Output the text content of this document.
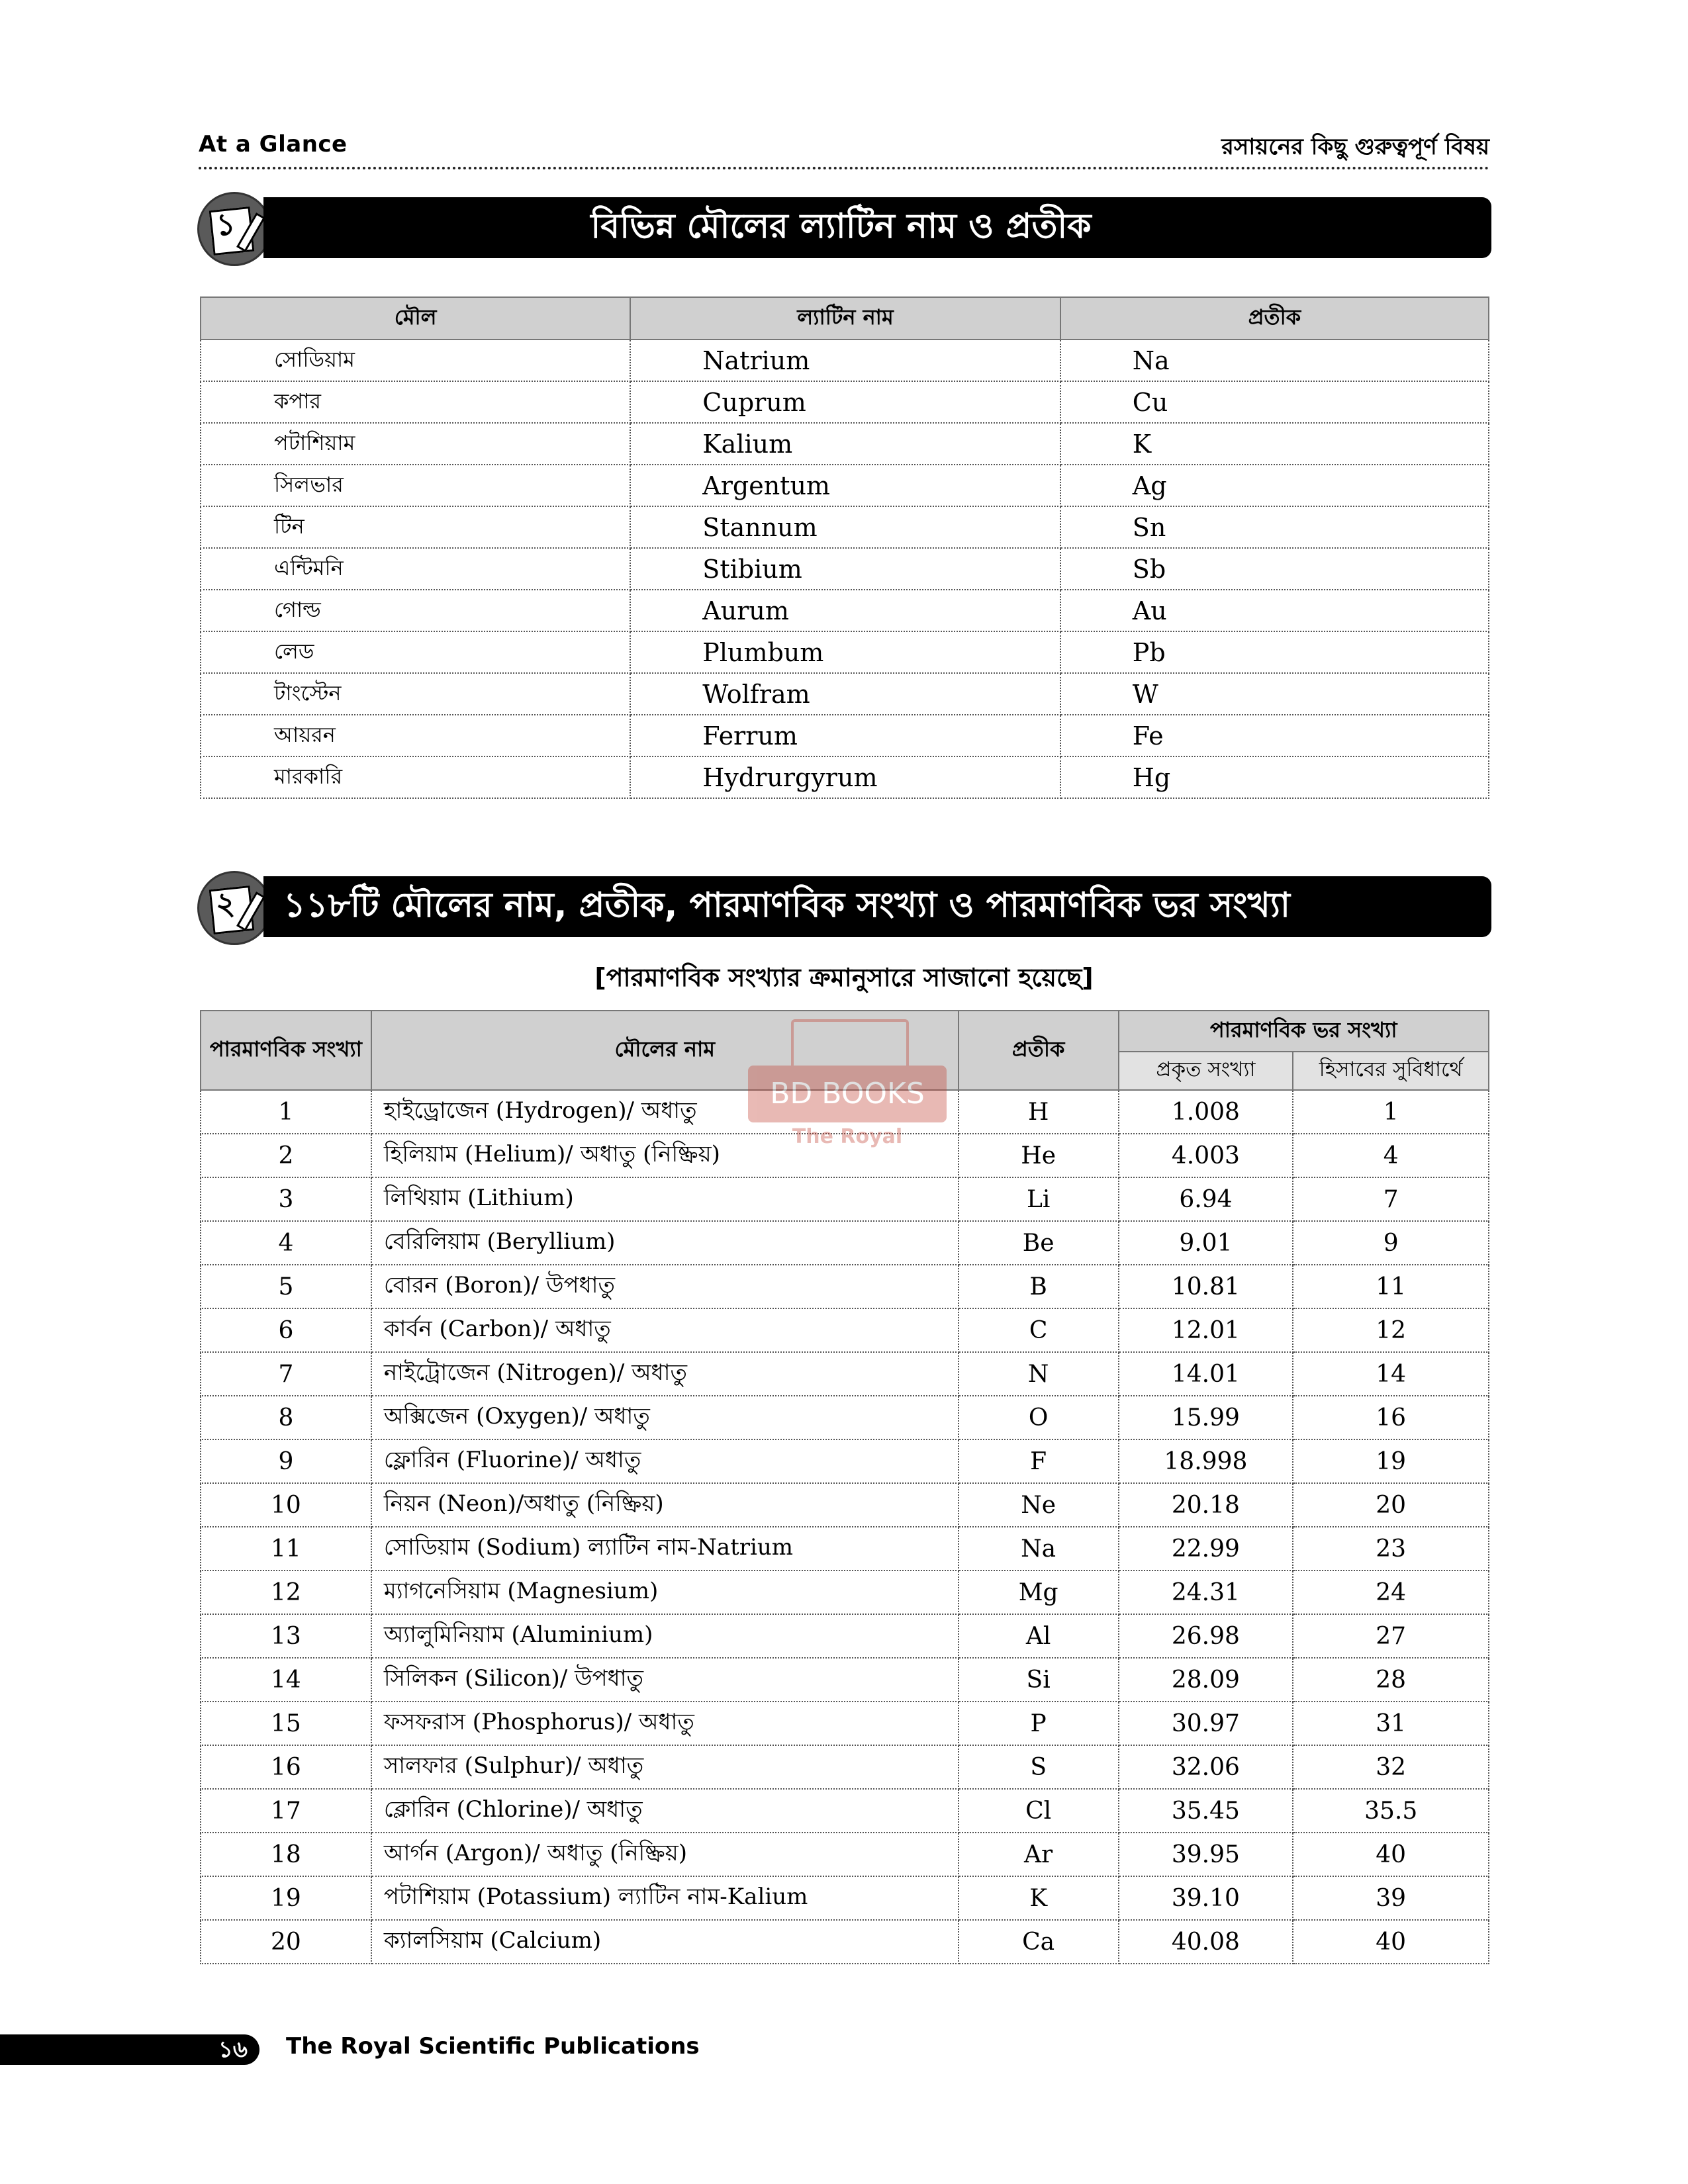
At a Glance	রসায়নের কিছু গুরুত্বপূর্ণ বিষয়
১	বিভিন্ন মৌলের ল্যাটিন নাম ও প্রতীক
মৌল	ল্যাটিন নাম	প্রতীক
সোডিয়াম	Natrium	Na
কপার	Cuprum	Cu
পটাশিয়াম	Kalium	K
সিলভার	Argentum	Ag
টিন	Stannum	Sn
এন্টিমনি	Stibium	Sb
গোল্ড	Aurum	Au
লেড	Plumbum	Pb
টাংস্টেন	Wolfram	W
আয়রন	Ferrum	Fe
মারকারি	Hydrurgyrum	Hg
২ ১১৮টি মৌলের নাম, প্রতীক, পারমাণবিক সংখ্যা ও পারমাণবিক ভর সংখ্যা
[পারমাণবিক সংখ্যার ক্রমানুসারে সাজানো হয়েছে]
পারমাণবিক সংখ্যা	মৌলের নাম	প্রতীক	পারমাণবিক ভর সংখ্যা	
			প্রকৃত সংখ্যা	হিসাবের সুবিধার্থে
1	হাইড্রোজেন (Hydrogen)/ অধাতু	H	1.008	1
2	হিলিয়াম (Helium)/ অধাতু (নিষ্ক্রিয়)	He	4.003	4
3	লিথিয়াম (Lithium)	Li	6.94	7
4	বেরিলিয়াম (Beryllium)	Be	9.01	9
5	বোরন (Boron)/ উপধাতু	B	10.81	11
6	কার্বন (Carbon)/ অধাতু	C	12.01	12
7	নাইট্রোজেন (Nitrogen)/ অধাতু	N	14.01	14
8	অক্সিজেন (Oxygen)/ অধাতু	O	15.99	16
9	ফ্লোরিন (Fluorine)/ অধাতু	F	18.998	19
10	নিয়ন (Neon)/অধাতু (নিষ্ক্রিয়)	Ne	20.18	20
11	সোডিয়াম (Sodium) ল্যাটিন নাম-Natrium	Na	22.99	23
12	ম্যাগনেসিয়াম (Magnesium)	Mg	24.31	24
13	অ্যালুমিনিয়াম (Aluminium)	Al	26.98	27
14	সিলিকন (Silicon)/ উপধাতু	Si	28.09	28
15	ফসফরাস (Phosphorus)/ অধাতু	P	30.97	31
16	সালফার (Sulphur)/ অধাতু	S	32.06	32
17	ক্লোরিন (Chlorine)/ অধাতু	Cl	35.45	35.5
18	আর্গন (Argon)/ অধাতু (নিষ্ক্রিয়)	Ar	39.95	40
19	পটাশিয়াম (Potassium) ল্যাটিন নাম-Kalium	K	39.10	39
20	ক্যালসিয়াম (Calcium)	Ca	40.08	40
BD BOOKS
The Royal
১৬	The Royal Scientific Publications
